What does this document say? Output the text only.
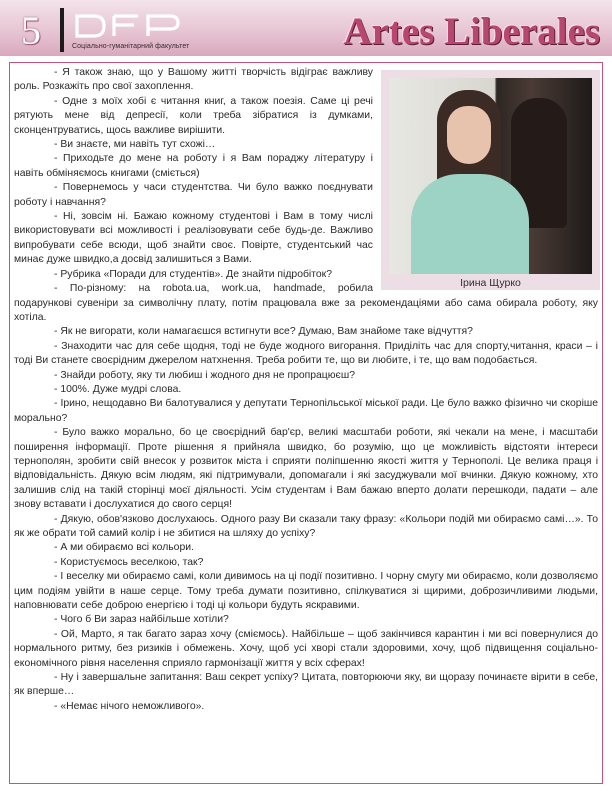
5	Соціально-гуманітарний факультет	Artes Liberales
Ірина Щурко

- Я також знаю, що у Вашому житті творчість відіграє важливу роль. Розкажіть про свої захоплення.

- Одне з моїх хобі є читання книг, а також поезія. Саме ці речі рятують мене від депресії, коли треба зібратися із думками, сконцентруватись, щось важливе вирішити.

- Ви знаєте, ми навіть тут схожі…

- Приходьте до мене на роботу і я Вам пораджу літературу і навіть обміняємось книгами (сміється)

- Повернемось у часи студентства. Чи було важко поєднувати роботу і навчання?

- Ні, зовсім ні. Бажаю кожному студентові і Вам в тому числі використовувати всі можливості і реалізовувати себе будь-де. Важливо випробувати себе всюди, щоб знайти своє. Повірте, студентський час минає дуже швидко,а досвід залишиться з Вами.

- Рубрика «Поради для студентів». Де знайти підробіток?

- По-різному: на robota.ua, work.ua, handmade, робила подарункові сувеніри за символічну плату, потім працювала вже за рекомендаціями або сама обирала роботу, яку хотіла.

- Як не вигорати, коли намагаєшся встигнути все? Думаю, Вам знайоме таке відчуття?

- Знаходити час для себе щодня, тоді не буде жодного вигорання. Приділіть час для спорту,читання, краси – і тоді Ви станете своєрідним джерелом натхнення. Треба робити те, що ви любите, і те, що вам подобається.

- Знайди роботу, яку ти любиш і жодного дня не пропрацюєш?

- 100%. Дуже мудрі слова.

- Ірино, нещодавно Ви балотувалися у депутати Тернопільської міської ради. Це було важко фізично чи скоріше морально?

- Було важко морально, бо це своєрідний бар'єр, великі масштаби роботи, які чекали на мене, і масштаби поширення інформації. Проте рішення я прийняла швидко, бо розумію, що це можливість відстояти інтереси тернополян, зробити свій внесок у розвиток міста і сприяти поліпшенню якості життя у Тернополі. Це велика праця і відповідальність. Дякую всім людям, які підтримували, допомагали і які засуджували мої вчинки. Дякую кожному, хто залишив слід на такій сторінці моєї діяльності. Усім студентам і Вам бажаю вперто долати перешкоди, падати – але знову вставати і дослухатися до свого серця!

- Дякую, обов'язково дослухаюсь. Одного разу Ви сказали таку фразу: «Кольори подій ми обираємо самі…». То як же обрати той самий колір і не збитися на шляху до успіху?

- А ми обираємо всі кольори.

- Користуємось веселкою, так?

- І веселку ми обираємо самі, коли дивимось на ці події позитивно. І чорну смугу ми обираємо, коли дозволяємо цим подіям увійти в наше серце. Тому треба думати позитивно, спілкуватися зі щирими, доброзичливими людьми, наповнювати себе доброю енергією і тоді ці кольори будуть яскравими.

- Чого б Ви зараз найбільше хотіли?

- Ой, Марто, я так багато зараз хочу (сміємось). Найбільше – щоб закінчився карантин і ми всі повернулися до нормального ритму, без ризиків і обмежень. Хочу, щоб усі хворі стали здоровими, хочу, щоб підвищення соціально-економічного рівня населення сприяло гармонізації життя у всіх сферах!

- Ну і завершальне запитання: Ваш секрет успіху? Цитата, повторюючи яку, ви щоразу починаєте вірити в себе, як вперше…

- «Немає нічого неможливого».
